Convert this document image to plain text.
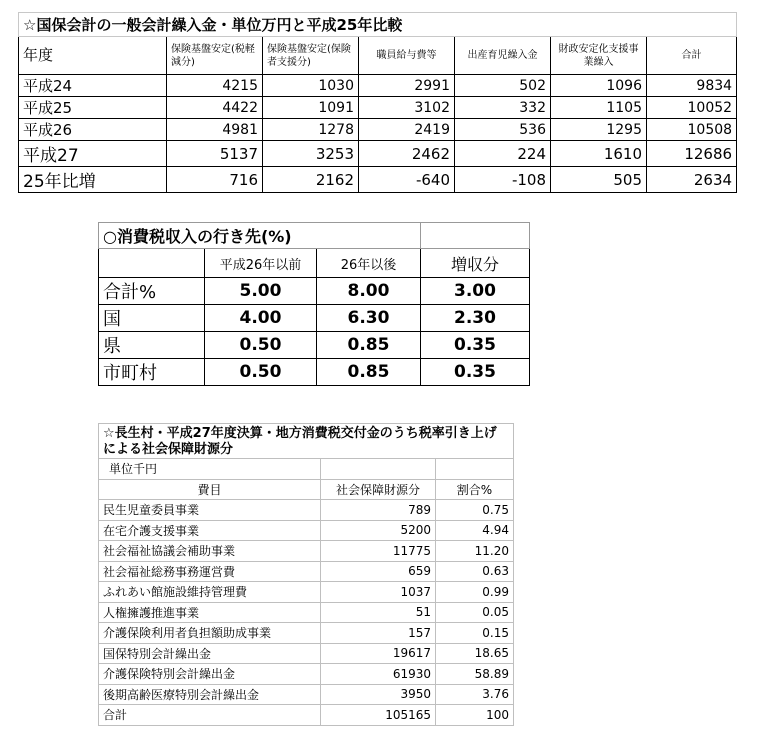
☆国保会計の一般会計繰入金・単位万円と平成25年比較						
年度	保険基盤安定(税軽減分)	保険基盤安定(保険者支援分)	職員給与費等	出産育児繰入金	財政安定化支援事業繰入	合計
平成24	4215	1030	2991	502	1096	9834
平成25	4422	1091	3102	332	1105	10052
平成26	4981	1278	2419	536	1295	10508
平成27	5137	3253	2462	224	1610	12686
25年比増	716	2162	-640	-108	505	2634
○消費税収入の行き先(%)			
	平成26年以前	26年以後	増収分
合計%	5.00	8.00	3.00
国	4.00	6.30	2.30
県	0.50	0.85	0.35
市町村	0.50	0.85	0.35
☆長生村・平成27年度決算・地方消費税交付金のうち税率引き上げによる社会保障財源分		
単位千円		
費目	社会保障財源分	割合%
民生児童委員事業	789	0.75
在宅介護支援事業	5200	4.94
社会福祉協議会補助事業	11775	11.20
社会福祉総務事務運営費	659	0.63
ふれあい館施設維持管理費	1037	0.99
人権擁護推進事業	51	0.05
介護保険利用者負担額助成事業	157	0.15
国保特別会計繰出金	19617	18.65
介護保険特別会計繰出金	61930	58.89
後期高齢医療特別会計繰出金	3950	3.76
合計	105165	100
